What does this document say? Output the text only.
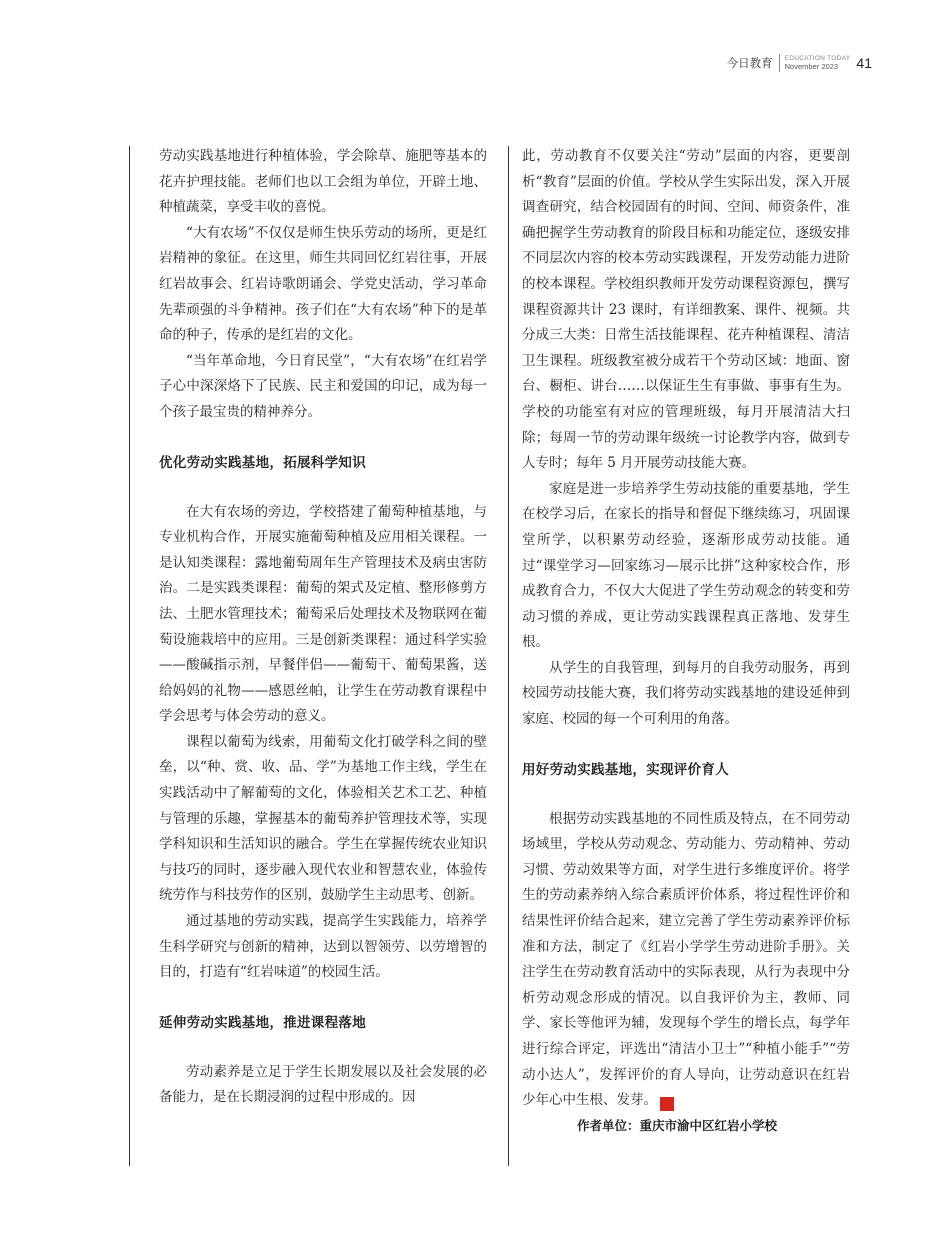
今日教育 EDUCATION TODAY
November 2023	41

劳动实践基地进行种植体验，学会除草、施肥等基本的花卉护理技能。老师们也以工会组为单位，开辟土地、种植蔬菜，享受丰收的喜悦。

“大有农场”不仅仅是师生快乐劳动的场所，更是红岩精神的象征。在这里，师生共同回忆红岩往事，开展红岩故事会、红岩诗歌朗诵会、学党史活动，学习革命先辈顽强的斗争精神。孩子们在“大有农场”种下的是革命的种子，传承的是红岩的文化。

“当年革命地，今日育民堂”，“大有农场”在红岩学子心中深深烙下了民族、民主和爱国的印记，成为每一个孩子最宝贵的精神养分。

优化劳动实践基地，拓展科学知识

在大有农场的旁边，学校搭建了葡萄种植基地，与专业机构合作，开展实施葡萄种植及应用相关课程。一是认知类课程：露地葡萄周年生产管理技术及病虫害防治。二是实践类课程：葡萄的架式及定植、整形修剪方法、土肥水管理技术；葡萄采后处理技术及物联网在葡萄设施栽培中的应用。三是创新类课程：通过科学实验——酸碱指示剂，早餐伴侣——葡萄干、葡萄果酱，送给妈妈的礼物——感恩丝帕，让学生在劳动教育课程中学会思考与体会劳动的意义。

课程以葡萄为线索，用葡萄文化打破学科之间的壁垒，以“种、赏、收、品、学”为基地工作主线，学生在实践活动中了解葡萄的文化，体验相关艺术工艺、种植与管理的乐趣，掌握基本的葡萄养护管理技术等，实现学科知识和生活知识的融合。学生在掌握传统农业知识与技巧的同时，逐步融入现代农业和智慧农业，体验传统劳作与科技劳作的区别，鼓励学生主动思考、创新。

通过基地的劳动实践，提高学生实践能力，培养学生科学研究与创新的精神，达到以智领劳、以劳增智的目的，打造有“红岩味道”的校园生活。

延伸劳动实践基地，推进课程落地

劳动素养是立足于学生长期发展以及社会发展的必备能力，是在长期浸润的过程中形成的。因

此，劳动教育不仅要关注“劳动”层面的内容，更要剖析“教育”层面的价值。学校从学生实际出发，深入开展调查研究，结合校园固有的时间、空间、师资条件，准确把握学生劳动教育的阶段目标和功能定位，逐级安排不同层次内容的校本劳动实践课程，开发劳动能力进阶的校本课程。学校组织教师开发劳动课程资源包，撰写课程资源共计 23 课时，有详细教案、课件、视频。共分成三大类：日常生活技能课程、花卉种植课程、清洁卫生课程。班级教室被分成若干个劳动区域：地面、窗台、橱柜、讲台……以保证生生有事做、事事有生为。学校的功能室有对应的管理班级，每月开展清洁大扫除；每周一节的劳动课年级统一讨论教学内容，做到专人专时；每年 5 月开展劳动技能大赛。

家庭是进一步培养学生劳动技能的重要基地，学生在校学习后，在家长的指导和督促下继续练习，巩固课堂所学，以积累劳动经验，逐渐形成劳动技能。通过“课堂学习—回家练习—展示比拼”这种家校合作，形成教育合力，不仅大大促进了学生劳动观念的转变和劳动习惯的养成，更让劳动实践课程真正落地、发芽生根。

从学生的自我管理，到每月的自我劳动服务，再到校园劳动技能大赛，我们将劳动实践基地的建设延伸到家庭、校园的每一个可利用的角落。

用好劳动实践基地，实现评价育人

根据劳动实践基地的不同性质及特点，在不同劳动场域里，学校从劳动观念、劳动能力、劳动精神、劳动习惯、劳动效果等方面，对学生进行多维度评价。将学生的劳动素养纳入综合素质评价体系，将过程性评价和结果性评价结合起来，建立完善了学生劳动素养评价标准和方法，制定了《红岩小学学生劳动进阶手册》。关注学生在劳动教育活动中的实际表现，从行为表现中分析劳动观念形成的情况。以自我评价为主，教师、同学、家长等他评为辅，发现每个学生的增长点，每学年进行综合评定，评选出“清洁小卫士”“种植小能手”“劳动小达人”，发挥评价的育人导向，让劳动意识在红岩少年心中生根、发芽。	今

作者单位：重庆市渝中区红岩小学校
